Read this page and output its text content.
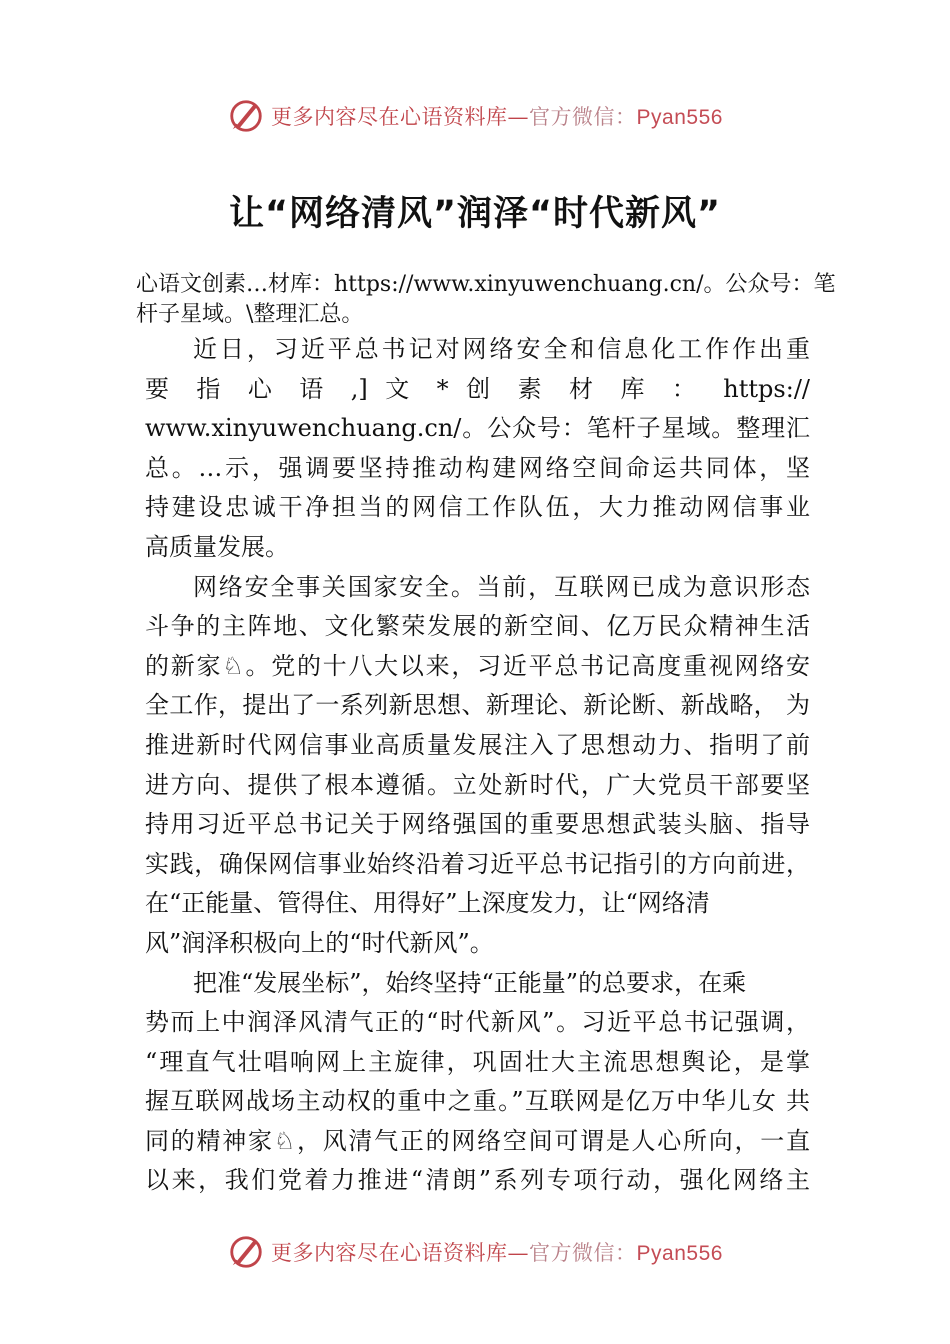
更多内容尽在心语资料库—官方微信：Pyan556
让“网络清风”润泽“时代新风”

心语文创素…材库：https://www.xinyuwenchuang.cn/。公众号：笔杆子星域。\整理汇总。

近日，习近平总书记对网络安全和信息化工作作出重
要 指 心 语 ,] 文 * 创 素 材 库 ： https://
www.xinyuwenchuang.cn/。公众号：笔杆子星域。整理汇
总。…示，强调要坚持推动构建网络空间命运共同体，坚
持建设忠诚干净担当的网信工作队伍，大力推动网信事业
高质量发展。
网络安全事关国家安全。当前，互联网已成为意识形态
斗争的主阵地、文化繁荣发展的新空间、亿万民众精神生活
的新家♘。党的十八大以来，习近平总书记高度重视网络安
全工作，提出了一系列新思想、新理论、新论断、新战略， 为
推进新时代网信事业高质量发展注入了思想动力、指明了前
进方向、提供了根本遵循。立处新时代，广大党员干部要坚
持用习近平总书记关于网络强国的重要思想武装头脑、指导
实践，确保网信事业始终沿着习近平总书记指引的方向前进，
在“正能量、管得住、用得好”上深度发力，让“网络清
风”润泽积极向上的“时代新风”。
把准“发展坐标”，始终坚持“正能量”的总要求，在乘
势而上中润泽风清气正的“时代新风”。习近平总书记强调，
“理直气壮唱响网上主旋律，巩固壮大主流思想舆论，是掌
握互联网战场主动权的重中之重。”互联网是亿万中华儿女 共
同的精神家♘，风清气正的网络空间可谓是人心所向，一直
以来，我们党着力推进“清朗”系列专项行动，强化网络主
更多内容尽在心语资料库—官方微信：Pyan556
